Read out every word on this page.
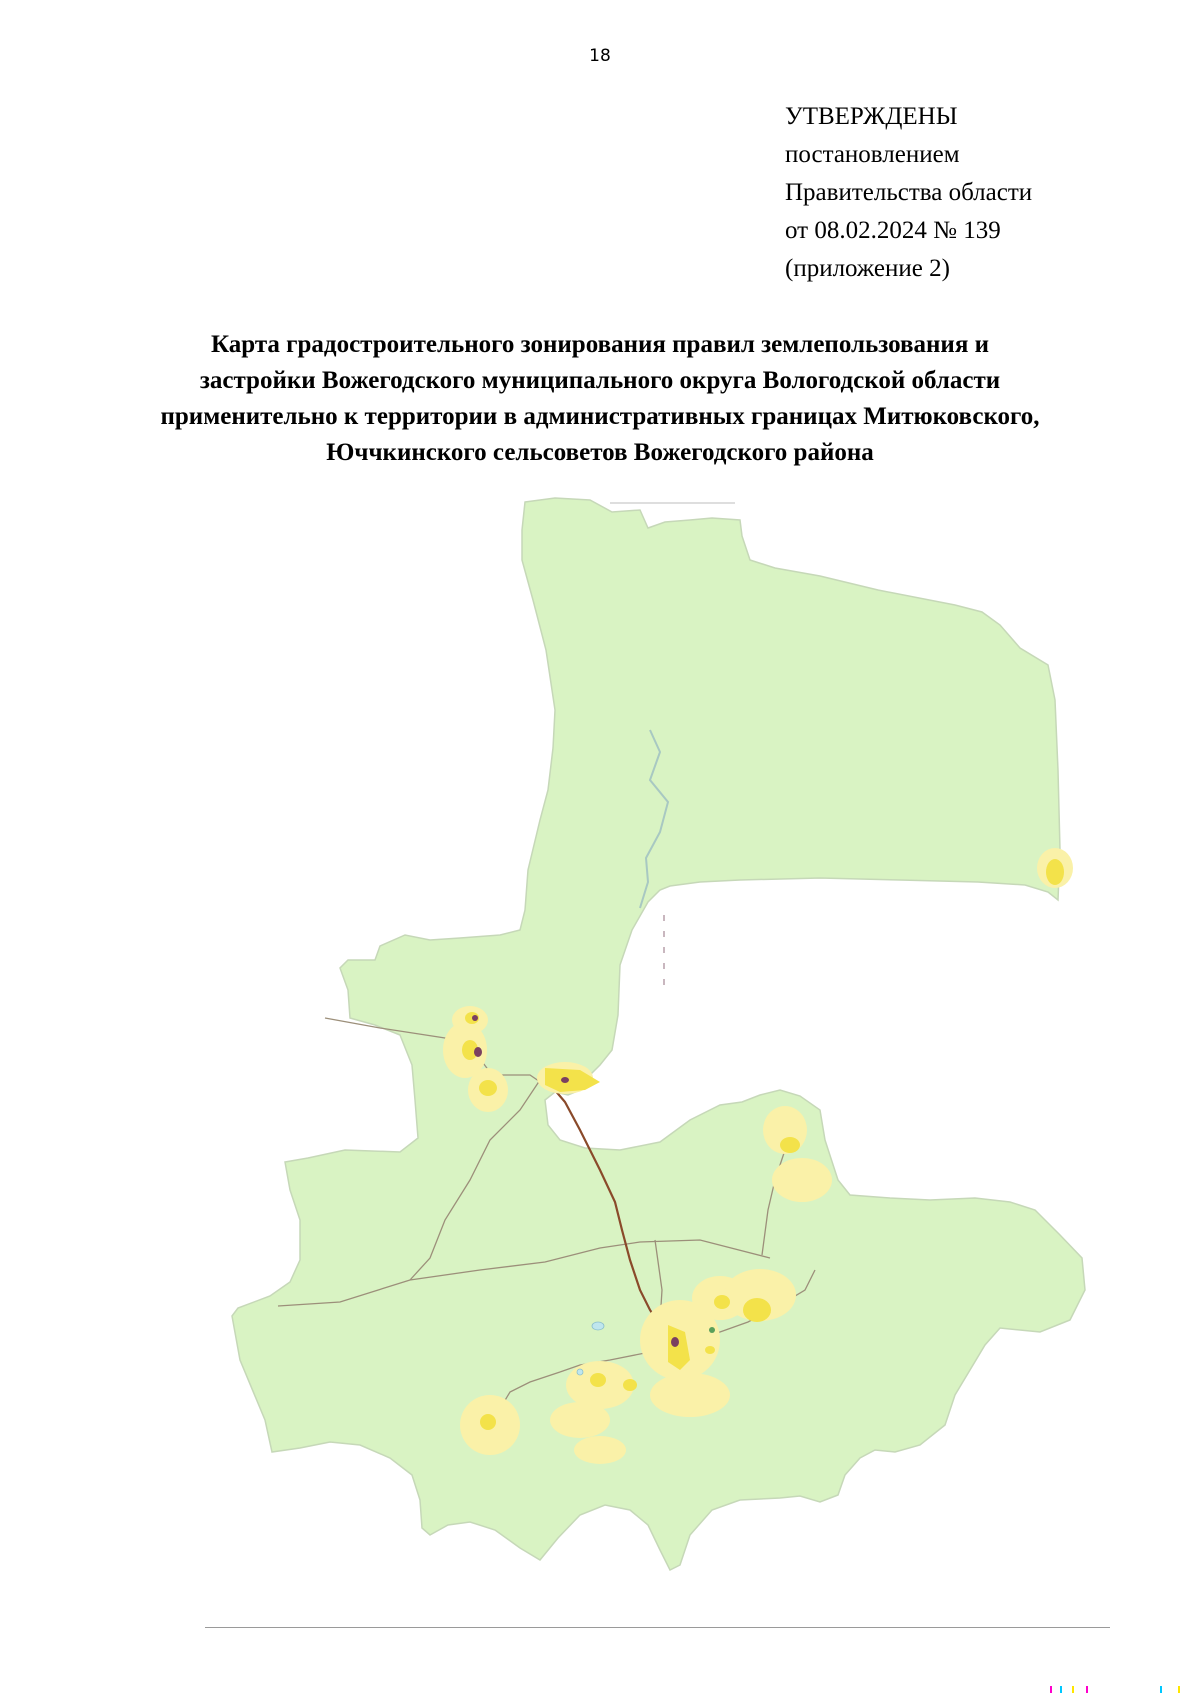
18
УТВЕРЖДЕНЫ
постановлением
Правительства области
от 08.02.2024 № 139
(приложение 2)
Карта градостроительного зонирования правил землепользования и
застройки Вожегодского муниципального округа Вологодской области
применительно к территории в административных границах Митюковского,
Юччкинского сельсоветов Вожегодского района
